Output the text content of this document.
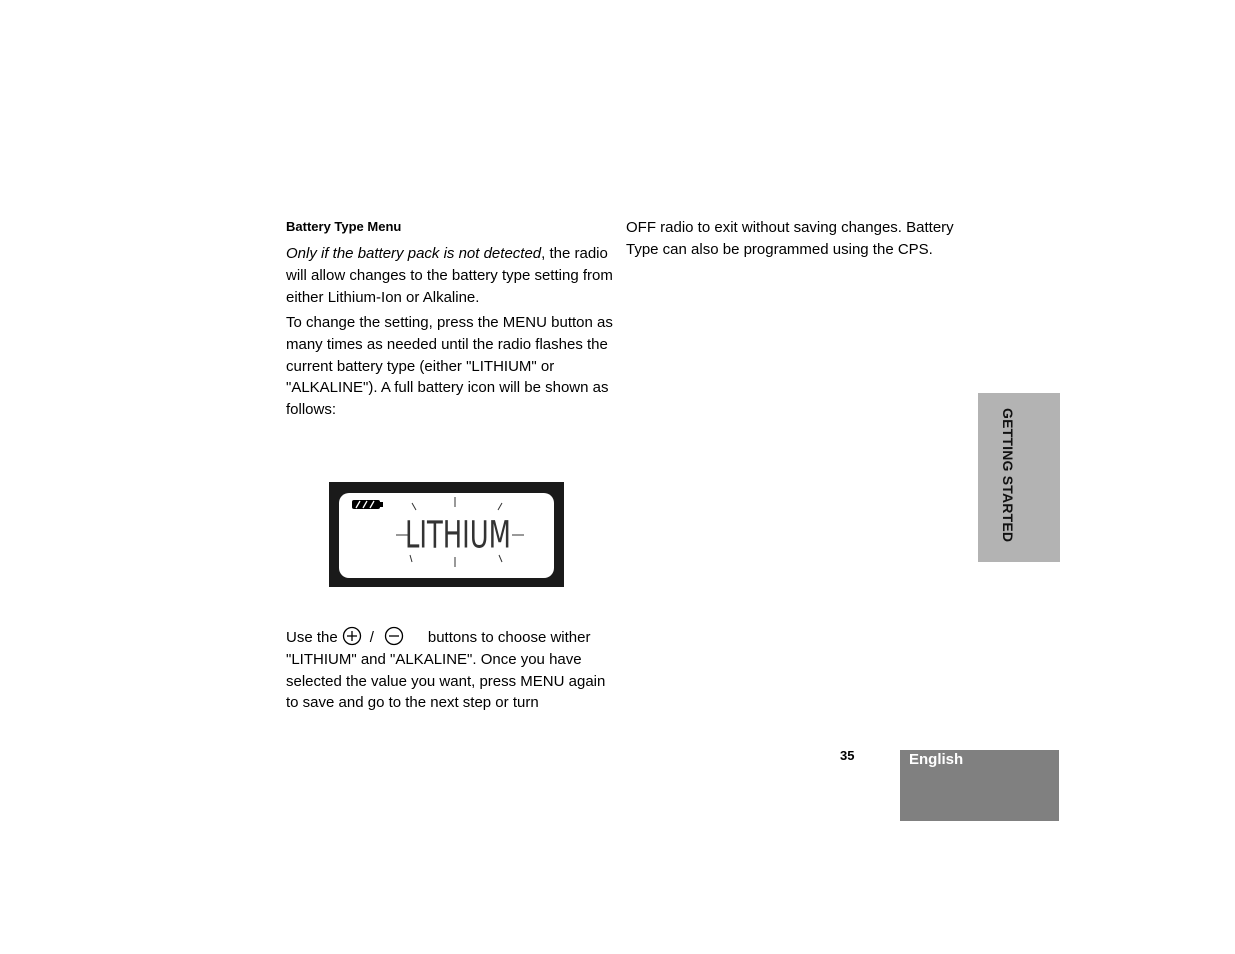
Battery Type Menu

Only if the battery pack is not detected, the radio will allow changes to the battery type setting from either Lithium-Ion or Alkaline.

To change the setting, press the MENU button as many times as needed until the radio flashes the current battery type (either "LITHIUM" or "ALKALINE"). A full battery icon will be shown as follows:

LITHIUM

Use the /	buttons to choose wither "LITHIUM" and "ALKALINE". Once you have selected the value you want, press MENU again to save and go to the next step or turn

OFF radio to exit without saving changes. Battery Type can also be programmed using the CPS.

GETTING STARTED
35	English
